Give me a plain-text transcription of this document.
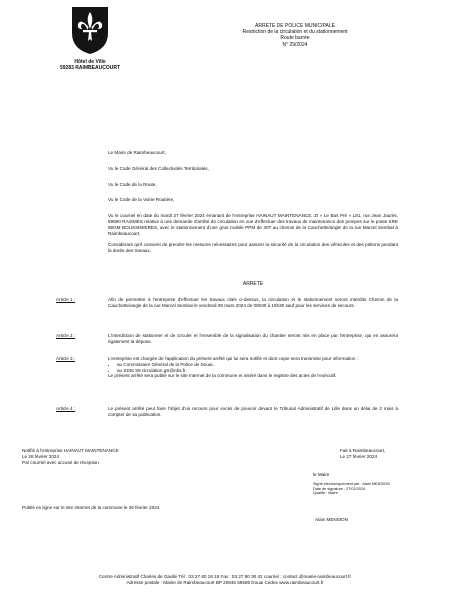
Hôtel de Ville
59283 RAIMBEAUCOURT
ARRETE DE POLICE MUNICIPALE
Restriction de la circulation et du stationnement
Route barrée
N° 29/2024
Le Maire de Raimbeaucourt,
Vu le Code Général des Collectivités Territoriales,
Vu le Code de la Route,
Vu le Code de la Voirie Routière,
Vu le courriel en date du mardi 27 février 2024 émanant de l'entreprise HAINAUT MAINTENANCE, ZI « Le Bas Pré » L81, rue Jean Jaurès, 59590 RAISMES relative à une demande d'arrêté de circulation en vue d'effectuer des travaux de maintenance des pompes sur le poste SRE 89GM BOUSSIMIERES, avec le stationnement d'une grue mobile PPM de 30T au chemin de la Cauchette/angle de la rue Marcel Sembat à Raimbeaucourt,
Considérant qu'il convient de prendre les mesures nécessaires pour assurer la sécurité de la circulation des véhicules et des piétons pendant la durée des travaux,
ARRETE
Article 1 :	Afin de permettre à l'entreprise d'effectuer les travaux cités ci-dessus, la circulation et le stationnement seront interdits Chemin de la Cauchette/angle de la rue Marcel Sembat le vendredi 08 mars 2024 de 08h30 à 16h30 sauf pour les services de secours.
Article 2 :	L'interdiction de stationner et de circuler et l'ensemble de la signalisation du chantier seront mis en place par l'entreprise, qui en assurera également la dépose.
Article 3 :	L'entreprise est chargée de l'application du présent arrêté qui lui sera notifié et dont copie sera transmise pour information :
• au Commissaire Général de la Police de Douai,
• au SDIS 59 circulation.gS@rdis.fr.
Le présent arrêté sera publié sur le site Internet de la commune et inséré dans le registre des actes de l'exécutif,
Article 4 :	Le présent arrêté peut faire l'objet d'un recours pour excès de pouvoir devant le Tribunal Administratif de Lille dans un délai de 2 mois à compter de sa publication.
Notifié à l'entreprise HAINAUT MAINTENANCE
Le 28 février 2024
Par courriel avec accusé de réception
Fait à Raimbeaucourt,
Le 27 février 2024
le Maire
Signé électroniquement par : Alain MENSION
Date de signature : 27/02/2024
Qualité : Maire
Publié en ligne sur le site Internet de la commune le 28 février 2024
Alain MENSION
Centre Administratif Charles de Gaulle Tél : 03 27 80 18 18 Fax : 03 27 80 30 42 courriel : contact @mairie-raimbeaucourt.fr
Adresse postale : Mairie de Raimbeaucourt BP 20946 59509 Douai Cedex www.raimbeaucourt.fr
